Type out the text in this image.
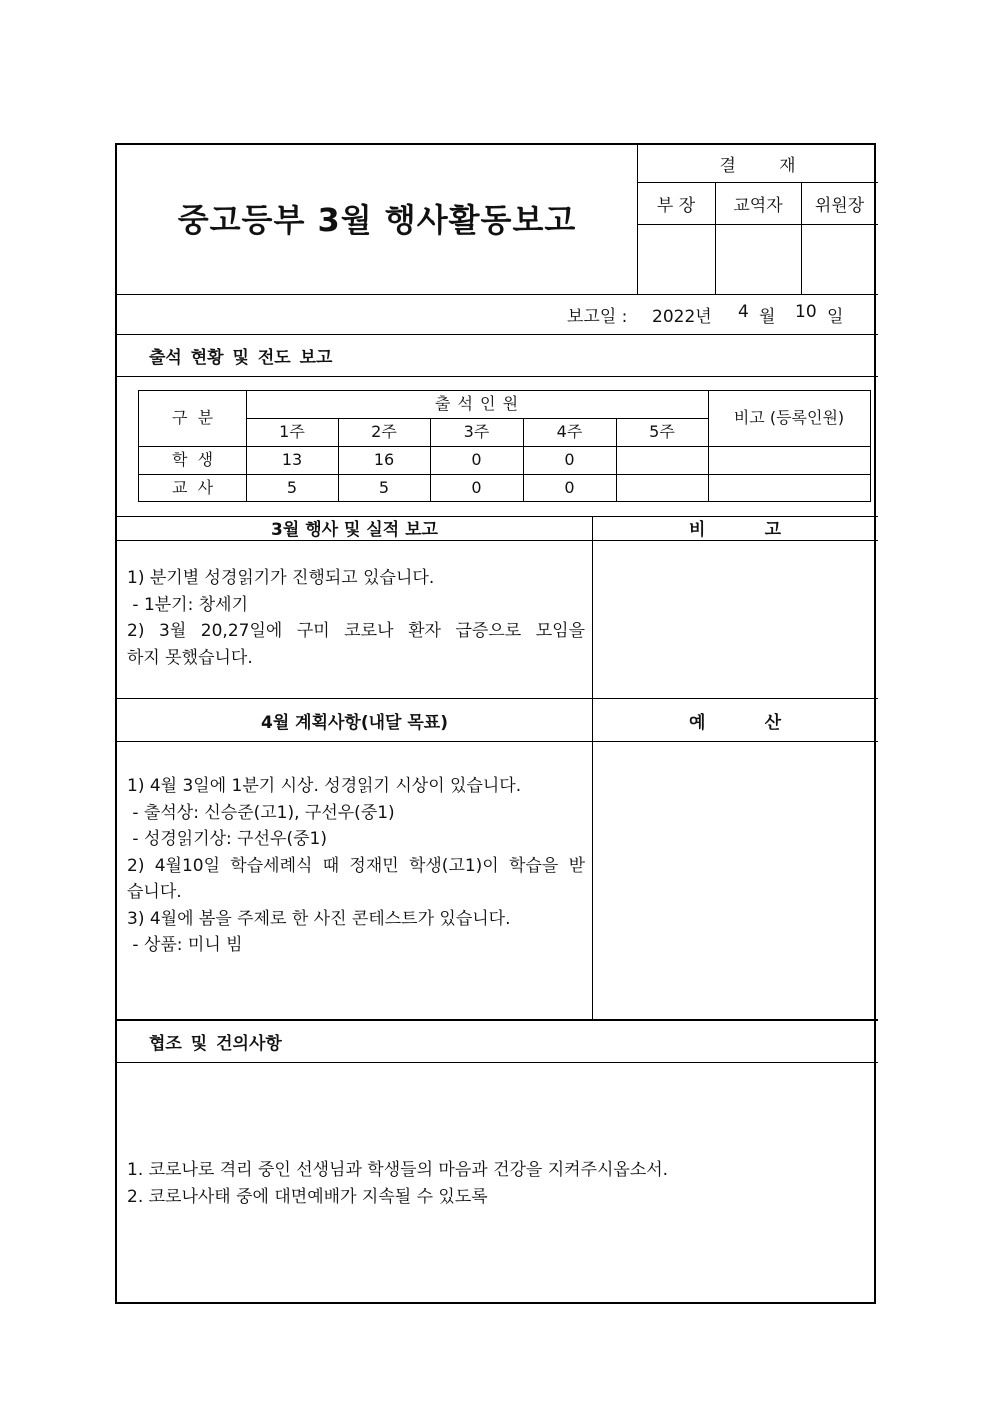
중고등부 3월 행사활동보고
결        재
부 장	교역자	위원장
보고일 : 2022년 4 월 10 일
출석 현황 및 전도 보고
구  분
출 석 인 원
비고 (등록인원)
1주	2주	3주	4주	5주
학  생	13	16	0	0
교  사	5	5	0	0
3월 행사 및 실적 보고	비          고
1) 분기별 성경읽기가 진행되고 있습니다.
- 1분기: 창세기
2) 3월 20,27일에 구미 코로나 환자 급증으로 모임을
하지 못했습니다.
4월 계획사항(내달 목표)	예          산
1) 4월 3일에 1분기 시상. 성경읽기 시상이 있습니다.
- 출석상: 신승준(고1), 구선우(중1)
- 성경읽기상: 구선우(중1)
2) 4월10일 학습세례식 때 정재민 학생(고1)이 학습을 받
습니다.
3) 4월에 봄을 주제로 한 사진 콘테스트가 있습니다.
- 상품: 미니 빔
협조 및 건의사항
1. 코로나로 격리 중인 선생님과 학생들의 마음과 건강을 지켜주시옵소서.
2. 코로나사태 중에 대면예배가 지속될 수 있도록
